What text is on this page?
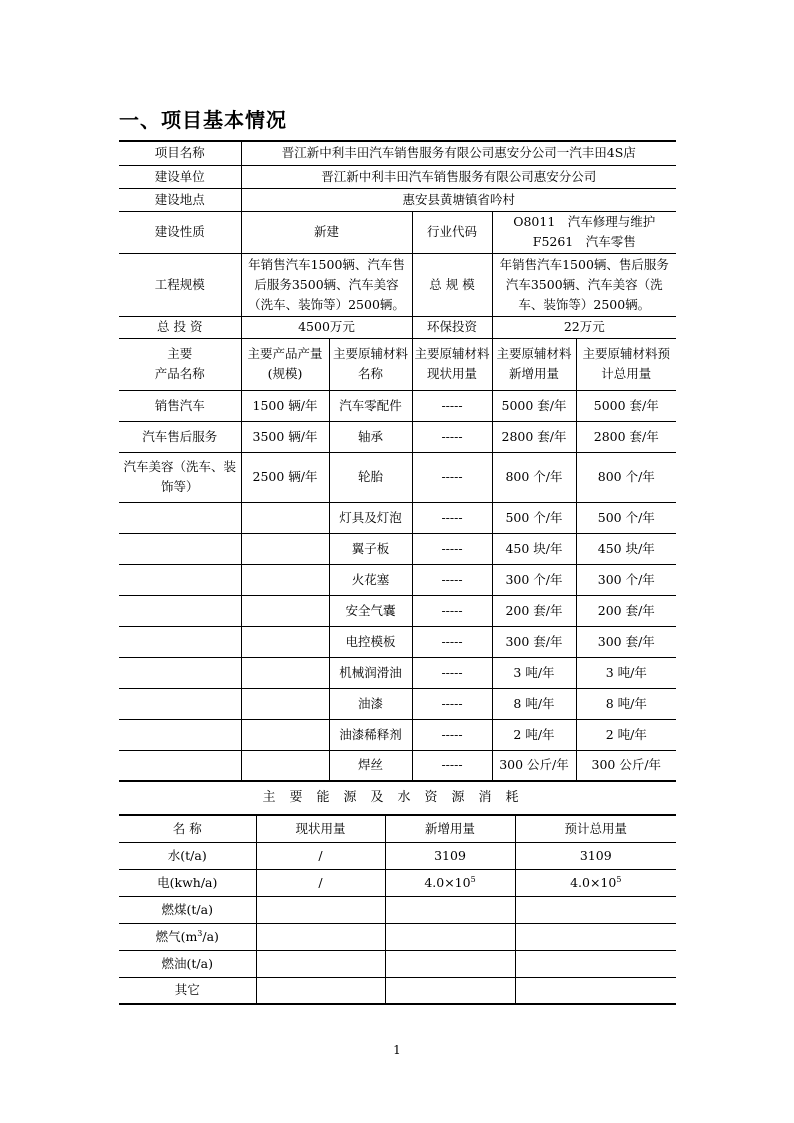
一、项目基本情况
项目名称	晋江新中利丰田汽车销售服务有限公司惠安分公司一汽丰田4S店				
建设单位	晋江新中利丰田汽车销售服务有限公司惠安分公司				
建设地点	惠安县黄塘镇省吟村				
建设性质	新建		行业代码	O8011　汽车修理与维护
F5261　汽车零售	

工程规模	年销售汽车1500辆、汽车售后服务3500辆、汽车美容（洗车、装饰等）2500辆。		总 规 模	年销售汽车1500辆、售后服务汽车3500辆、汽车美容（洗车、装饰等）2500辆。	
总 投 资	4500万元		环保投资	22万元	

主要
产品名称	主要产品产量(规模)	主要原辅材料名称	主要原辅材料现状用量	主要原辅材料新增用量	主要原辅材料预计总用量
销售汽车	1500 辆/年	汽车零配件	-----	5000 套/年	5000 套/年
汽车售后服务	3500 辆/年	轴承	-----	2800 套/年	2800 套/年
汽车美容（洗车、装饰等）	2500 辆/年	轮胎	-----	800 个/年	800 个/年
		灯具及灯泡	-----	500 个/年	500 个/年
		翼子板	-----	450 块/年	450 块/年
		火花塞	-----	300 个/年	300 个/年
		安全气囊	-----	200 套/年	200 套/年
		电控模板	-----	300 套/年	300 套/年
		机械润滑油	-----	3 吨/年	3 吨/年
		油漆	-----	8 吨/年	8 吨/年
		油漆稀释剂	-----	2 吨/年	2 吨/年
		焊丝	-----	300 公斤/年	300 公斤/年
主要能源及水资源消耗
名 称	现状用量	新增用量	预计总用量
水(t/a)	/	3109	3109
电(kwh/a)	/	$4.0\times 10^5$	$4.0\times 10^5$
燃煤(t/a)			
燃气$(m^3/a)$			
燃油(t/a)			
其它			
1
